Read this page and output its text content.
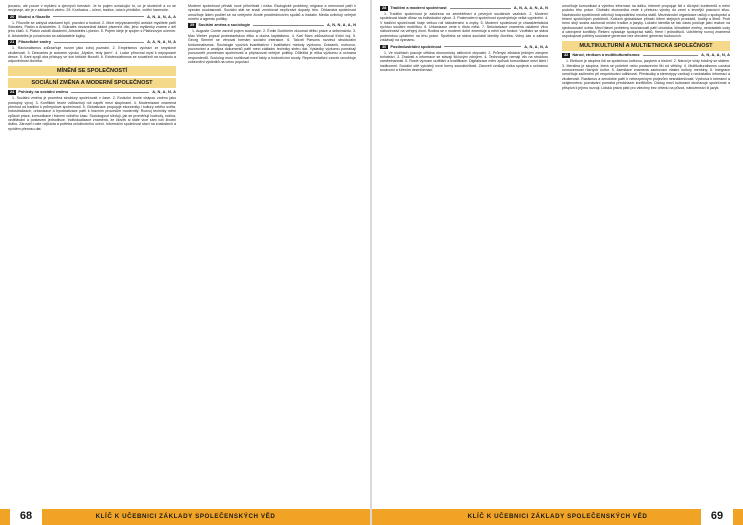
jsoucnu, ale pouze v myšlení a zjevných formách. Je to pojem označující to, co je skutečně a co se nezjevuje, ale je v základech všeho. 29. Konfucius – učení, tradice, úcta k předkům, vnitřní harmonie.

20	Mudrci a filozofie	A, N, A, N, A, A

1. Filozofie se zabývá otázkami bytí, poznání a hodnot. 2. Mezi nejvýznamnější antické myslitele patří Sókratés, Platón a Aristotelés. 3. Sókratés nezanechal žádné písemné dílo, jeho myšlenky známe z děl jeho žáků. 4. Platón založil Akademii, Aristotelés Lykeion. 5. Pojem ideje je spojen s Platónovým učením. 6. Aristotelés je považován za zakladatele logiky.

21	Filozofické směry	A, A, N, A, N, A

1. Racionalismus zdůrazňuje rozum jako zdroj poznání. 2. Empirismus vychází ze smyslové zkušenosti. 3. Descartes je autorem výroku „Myslím, tedy jsem“. 4. Locke přirovnal mysl k nepopsané desce. 5. Kant spojil oba přístupy ve své kritické filozofii. 6. Existencialismus se soustředí na svobodu a odpovědnost člověka.

MÍNĚNÍ SE SPOLEČNOSTÍ
SOCIÁLNÍ ZMĚNA A MODERNÍ SPOLEČNOST
24	Pohledy na sociální změnu	A, N, A, N, A

1. Sociální změna je proměna struktury společnosti v čase. 2. Evoluční teorie chápou změnu jako postupný vývoj. 3. Konfliktní teorie zdůrazňují roli napětí mezi skupinami. 4. Modernizace znamená přechod od tradiční k průmyslové společnosti. 5. Globalizace propojuje ekonomiky i kultury celého světa. Industrializace, urbanizace a byrokratizace patří k hlavním procesům modernity. Rozvoj techniky mění způsob práce, komunikace i trávení volného času. Sociologové sledují, jak se proměňují hodnoty, rodina, vzdělávání a postavení jednotlivce. Individualizace znamená, že člověk si stále více sám volí životní dráhu. Zároveň roste nejistota a potřeba celoživotního učení. Informační společnost staví na znalostech a rychlém přenosu dat.

Moderní společnost přináší nové příležitosti i rizika. Ekologické problémy, migrace a nerovnost patří k výzvám současnosti. Sociální stát se snaží zmírňovat nepříznivé dopady trhu. Občanská společnost umožňuje lidem podílet se na veřejném životě prostřednictvím spolků a iniciativ. Média ovlivňují veřejné mínění a agendu politiky.

25	Sociální změna a sociologie	A, N, N, A, A, N

1. Auguste Comte zavedl pojem sociologie. 2. Émile Durkheim zkoumal dělbu práce a sebevraždu. 3. Max Weber popsal protestantskou etiku a ducha kapitalismu. 4. Karl Marx zdůrazňoval třídní boj. 5. Georg Simmel se věnoval formám sociální interakce. 6. Talcott Parsons rozvinul strukturální funkcionalismus. Sociologie využívá kvantitativní i kvalitativní metody výzkumu. Dotazník, rozhovor, pozorování a analýza dokumentů patří mezi základní techniky sběru dat. Výsledky výzkumu pomáhají porozumět proměnám společnosti a připravovat veřejné politiky. Důležitá je etika výzkumu a ochrana respondentů. Sociolog musí rozlišovat mezi fakty a hodnotícími soudy. Reprezentativní vzorek umožňuje zobecnění výsledků na celou populaci.

KLÍČ K UČEBNICI ZÁKLADY SPOLEČENSKÝCH VĚD
68
28	Tradiční a moderní společnost	A, N, A, A, N, A, N

1. Tradiční společnost je založena na zemědělství a pevných sociálních vazbách. 2. Moderní společnost klade důraz na individuální výkon. 3. Postmoderní společnost zpochybňuje velká vyprávění. 4. V tradiční společnosti hraje velkou roli náboženství a zvyky. 5. Moderní společnost je charakteristická rychlou sociální mobilitou. 6. Urbanizace vede k růstu měst. 7. Sekularizace znamená oslabení vlivu náboženství na veřejný život. Rodina se v moderní době zmenšuje a mění své funkce. Vzdělání se stává podmínkou uplatnění na trhu práce. Spotřeba se stává součástí identity člověka. Volný čas a zábava získávají na významu.

30	Postindustriální společnost	A, N, A, N, A

1. Ve službách pracuje většina ekonomicky aktivních obyvatel. 2. Průmysl zůstává jediným zdrojem bohatství. 3. Znalosti a informace se stávají klíčovým zdrojem. 4. Technologie nemají vliv na strukturu zaměstnanosti. 5. Roste význam vzdělání a kvalifikace. Digitalizace mění způsob komunikace mezi lidmi i institucemi. Sociální sítě vytvářejí nové formy sounáležitosti. Zároveň vznikají rizika spojená s ochranou soukromí a šířením dezinformací.

umožňuje komunikaci a výměnu informací na dálku. Internet propojuje lidi z různých kontinentů a mění podobu trhu práce. Globální ekonomika vede k přesunu výroby do zemí s levnější pracovní silou. Nadnárodní společnosti ovlivňují hospodářství mnoha států. Mezinárodní organizace usilují o spolupráci a řešení společných problémů. Kulturní globalizace přináší šíření stejných produktů, hudby a filmů. Proti tomu stojí snaha zachovat místní tradice a jazyky. Lokální identita se tak často posiluje jako reakce na sjednocování světa. Mezi hlavní problémy současnosti patří chudoba, klimatické změny, nedostatek vody a ozbrojené konflikty. Řešení vyžaduje spolupráci států, firem i jednotlivců. Udržitelný rozvoj znamená uspokojovat potřeby současné generace bez ohrožení generací budoucích.

MULTIKULTURNÍ A MULTIETNICKÁ SPOLEČNOST
32	Národ, etnikum a multikulturalismus	A, N, A, A, N, A

1. Etnikum je skupina lidí se společnou kulturou, jazykem a historií. 2. Národ je vždy totožný se státem. 3. Menšina je skupina, která se početně nebo postavením liší od většiny. 4. Multikulturalismus uznává rovnocennost různých kultur. 5. Asimilace znamená zachování vlastní kultury menšiny. 6. Integrace umožňuje začlenění při respektování odlišností. Předsudky a stereotypy vznikají z nedostatku informací a zkušeností. Rasismus a xenofobie patří k nebezpečným projevům nesnášenlivosti. Výchova k toleranci a vzájemnému poznávání pomáhá předcházet konfliktům. Dialog mezi kulturami obohacuje společnost a přispívá k jejímu rozvoji. Lidská práva platí pro všechny bez ohledu na původ, náboženství či jazyk.

KLÍČ K UČEBNICI ZÁKLADY SPOLEČENSKÝCH VĚD	69
